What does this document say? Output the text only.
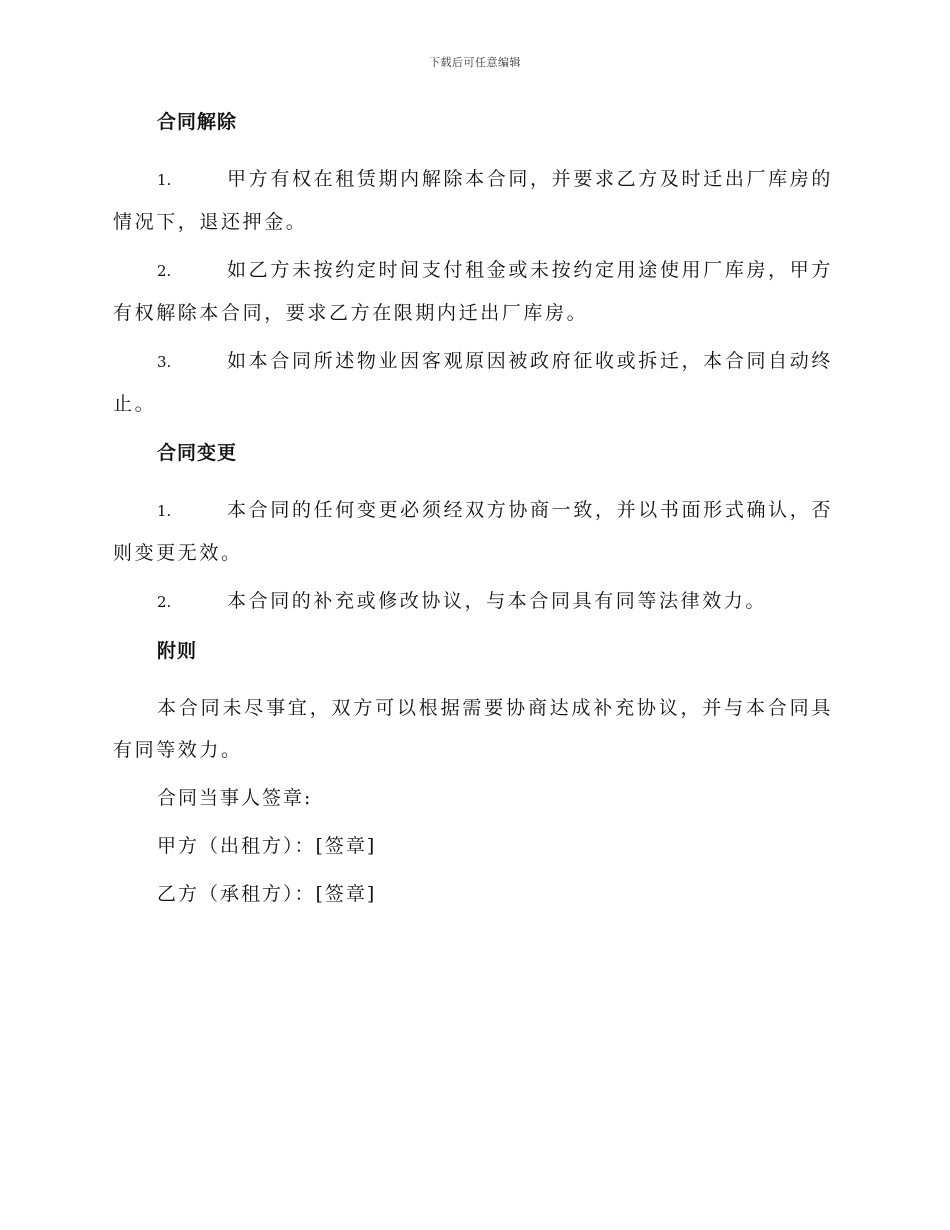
下载后可任意编辑
合同解除
1.	甲方有权在租赁期内解除本合同，并要求乙方及时迁出厂库房的情况下，退还押金。
2.	如乙方未按约定时间支付租金或未按约定用途使用厂库房，甲方有权解除本合同，要求乙方在限期内迁出厂库房。
3.	如本合同所述物业因客观原因被政府征收或拆迁，本合同自动终止。
合同变更
1.	本合同的任何变更必须经双方协商一致，并以书面形式确认，否则变更无效。
2.	本合同的补充或修改协议，与本合同具有同等法律效力。
附则
本合同未尽事宜，双方可以根据需要协商达成补充协议，并与本合同具有同等效力。
合同当事人签章:
甲方（出租方）：[签章]
乙方（承租方）：[签章]
